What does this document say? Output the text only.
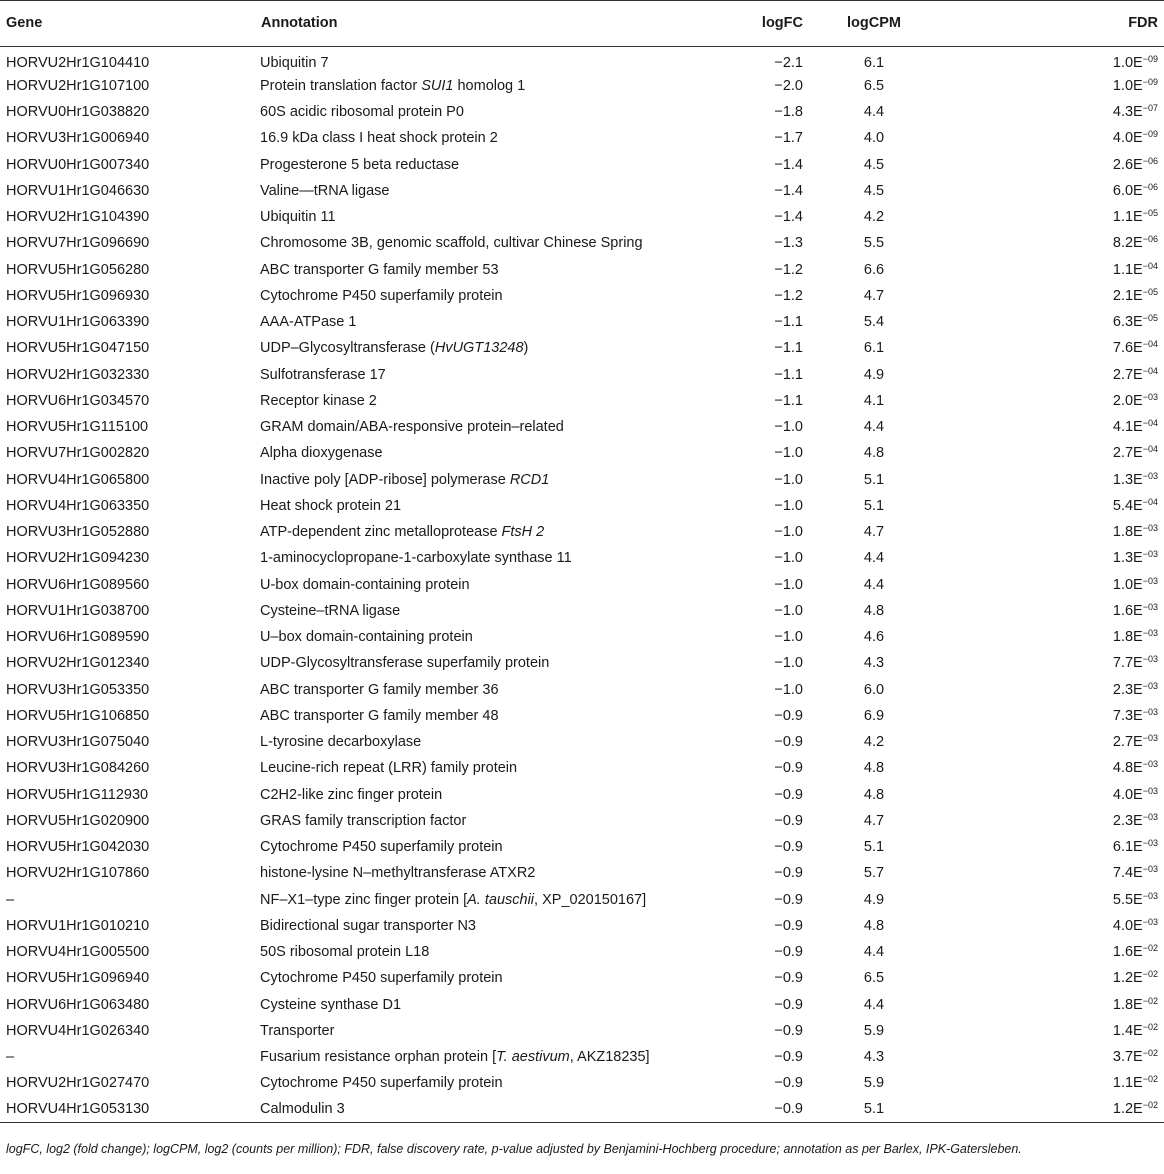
Gene	Annotation	logFC	logCPM	FDR
HORVU2Hr1G104410	Ubiquitin 7	−2.1	6.1	$1.0E^{-09}$
HORVU2Hr1G107100	Protein translation factor SUI1 homolog 1	−2.0	6.5	$1.0E^{-09}$
HORVU0Hr1G038820	60S acidic ribosomal protein P0	−1.8	4.4	$4.3E^{-07}$
HORVU3Hr1G006940	16.9 kDa class I heat shock protein 2	−1.7	4.0	$4.0E^{-09}$
HORVU0Hr1G007340	Progesterone 5 beta reductase	−1.4	4.5	$2.6E^{-06}$
HORVU1Hr1G046630	Valine—tRNA ligase	−1.4	4.5	$6.0E^{-06}$
HORVU2Hr1G104390	Ubiquitin 11	−1.4	4.2	$1.1E^{-05}$
HORVU7Hr1G096690	Chromosome 3B, genomic scaffold, cultivar Chinese Spring	−1.3	5.5	$8.2E^{-06}$
HORVU5Hr1G056280	ABC transporter G family member 53	−1.2	6.6	$1.1E^{-04}$
HORVU5Hr1G096930	Cytochrome P450 superfamily protein	−1.2	4.7	$2.1E^{-05}$
HORVU1Hr1G063390	AAA-ATPase 1	−1.1	5.4	$6.3E^{-05}$
HORVU5Hr1G047150	UDP–Glycosyltransferase (HvUGT13248)	−1.1	6.1	$7.6E^{-04}$
HORVU2Hr1G032330	Sulfotransferase 17	−1.1	4.9	$2.7E^{-04}$
HORVU6Hr1G034570	Receptor kinase 2	−1.1	4.1	$2.0E^{-03}$
HORVU5Hr1G115100	GRAM domain/ABA-responsive protein–related	−1.0	4.4	$4.1E^{-04}$
HORVU7Hr1G002820	Alpha dioxygenase	−1.0	4.8	$2.7E^{-04}$
HORVU4Hr1G065800	Inactive poly [ADP-ribose] polymerase RCD1	−1.0	5.1	$1.3E^{-03}$
HORVU4Hr1G063350	Heat shock protein 21	−1.0	5.1	$5.4E^{-04}$
HORVU3Hr1G052880	ATP-dependent zinc metalloprotease FtsH 2	−1.0	4.7	$1.8E^{-03}$
HORVU2Hr1G094230	1-aminocyclopropane-1-carboxylate synthase 11	−1.0	4.4	$1.3E^{-03}$
HORVU6Hr1G089560	U-box domain-containing protein	−1.0	4.4	$1.0E^{-03}$
HORVU1Hr1G038700	Cysteine–tRNA ligase	−1.0	4.8	$1.6E^{-03}$
HORVU6Hr1G089590	U–box domain-containing protein	−1.0	4.6	$1.8E^{-03}$
HORVU2Hr1G012340	UDP-Glycosyltransferase superfamily protein	−1.0	4.3	$7.7E^{-03}$
HORVU3Hr1G053350	ABC transporter G family member 36	−1.0	6.0	$2.3E^{-03}$
HORVU5Hr1G106850	ABC transporter G family member 48	−0.9	6.9	$7.3E^{-03}$
HORVU3Hr1G075040	L-tyrosine decarboxylase	−0.9	4.2	$2.7E^{-03}$
HORVU3Hr1G084260	Leucine-rich repeat (LRR) family protein	−0.9	4.8	$4.8E^{-03}$
HORVU5Hr1G112930	C2H2-like zinc finger protein	−0.9	4.8	$4.0E^{-03}$
HORVU5Hr1G020900	GRAS family transcription factor	−0.9	4.7	$2.3E^{-03}$
HORVU5Hr1G042030	Cytochrome P450 superfamily protein	−0.9	5.1	$6.1E^{-03}$
HORVU2Hr1G107860	histone-lysine N–methyltransferase ATXR2	−0.9	5.7	$7.4E^{-03}$
–	NF–X1–type zinc finger protein [A. tauschii, XP_020150167]	−0.9	4.9	$5.5E^{-03}$
HORVU1Hr1G010210	Bidirectional sugar transporter N3	−0.9	4.8	$4.0E^{-03}$
HORVU4Hr1G005500	50S ribosomal protein L18	−0.9	4.4	$1.6E^{-02}$
HORVU5Hr1G096940	Cytochrome P450 superfamily protein	−0.9	6.5	$1.2E^{-02}$
HORVU6Hr1G063480	Cysteine synthase D1	−0.9	4.4	$1.8E^{-02}$
HORVU4Hr1G026340	Transporter	−0.9	5.9	$1.4E^{-02}$
–	Fusarium resistance orphan protein [T. aestivum, AKZ18235]	−0.9	4.3	$3.7E^{-02}$
HORVU2Hr1G027470	Cytochrome P450 superfamily protein	−0.9	5.9	$1.1E^{-02}$
HORVU4Hr1G053130	Calmodulin 3	−0.9	5.1	$1.2E^{-02}$
logFC, log2 (fold change); logCPM, log2 (counts per million); FDR, false discovery rate, p-value adjusted by Benjamini-Hochberg procedure; annotation as per Barlex, IPK-Gatersleben.
